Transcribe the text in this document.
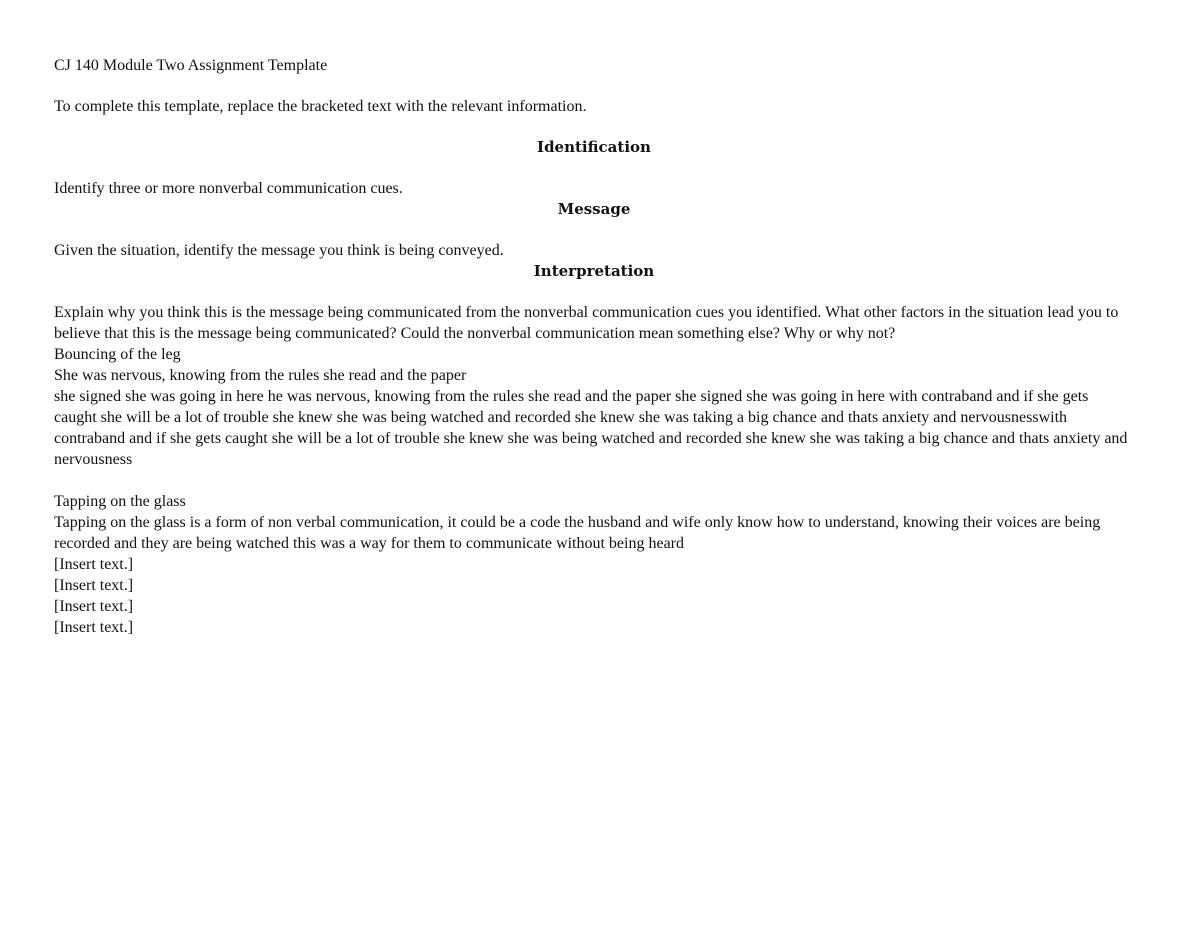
CJ 140 Module Two Assignment Template

To complete this template, replace the bracketed text with the relevant information.

Identification

Identify three or more nonverbal communication cues.

Message

Given the situation, identify the message you think is being conveyed.

Interpretation

Explain why you think this is the message being communicated from the nonverbal communication cues you identified. What other factors in the situation lead you to believe that this is the message being communicated? Could the nonverbal communication mean something else? Why or why not?

Bouncing of the leg

She was nervous, knowing from the rules she read and the paper

she signed she was going in here he was nervous, knowing from the rules she read and the paper she signed she was going in here with contraband and if she gets caught she will be a lot of trouble she knew she was being watched and recorded she knew she was taking a big chance and thats anxiety and nervousnesswith contraband and if she gets caught she will be a lot of trouble she knew she was being watched and recorded she knew she was taking a big chance and thats anxiety and nervousness

Tapping on the glass

Tapping on the glass is a form of non verbal communication, it could be a code the husband and wife only know how to understand, knowing their voices are being recorded and they are being watched this was a way for them to communicate without being heard

[Insert text.]

[Insert text.]

[Insert text.]

[Insert text.]
